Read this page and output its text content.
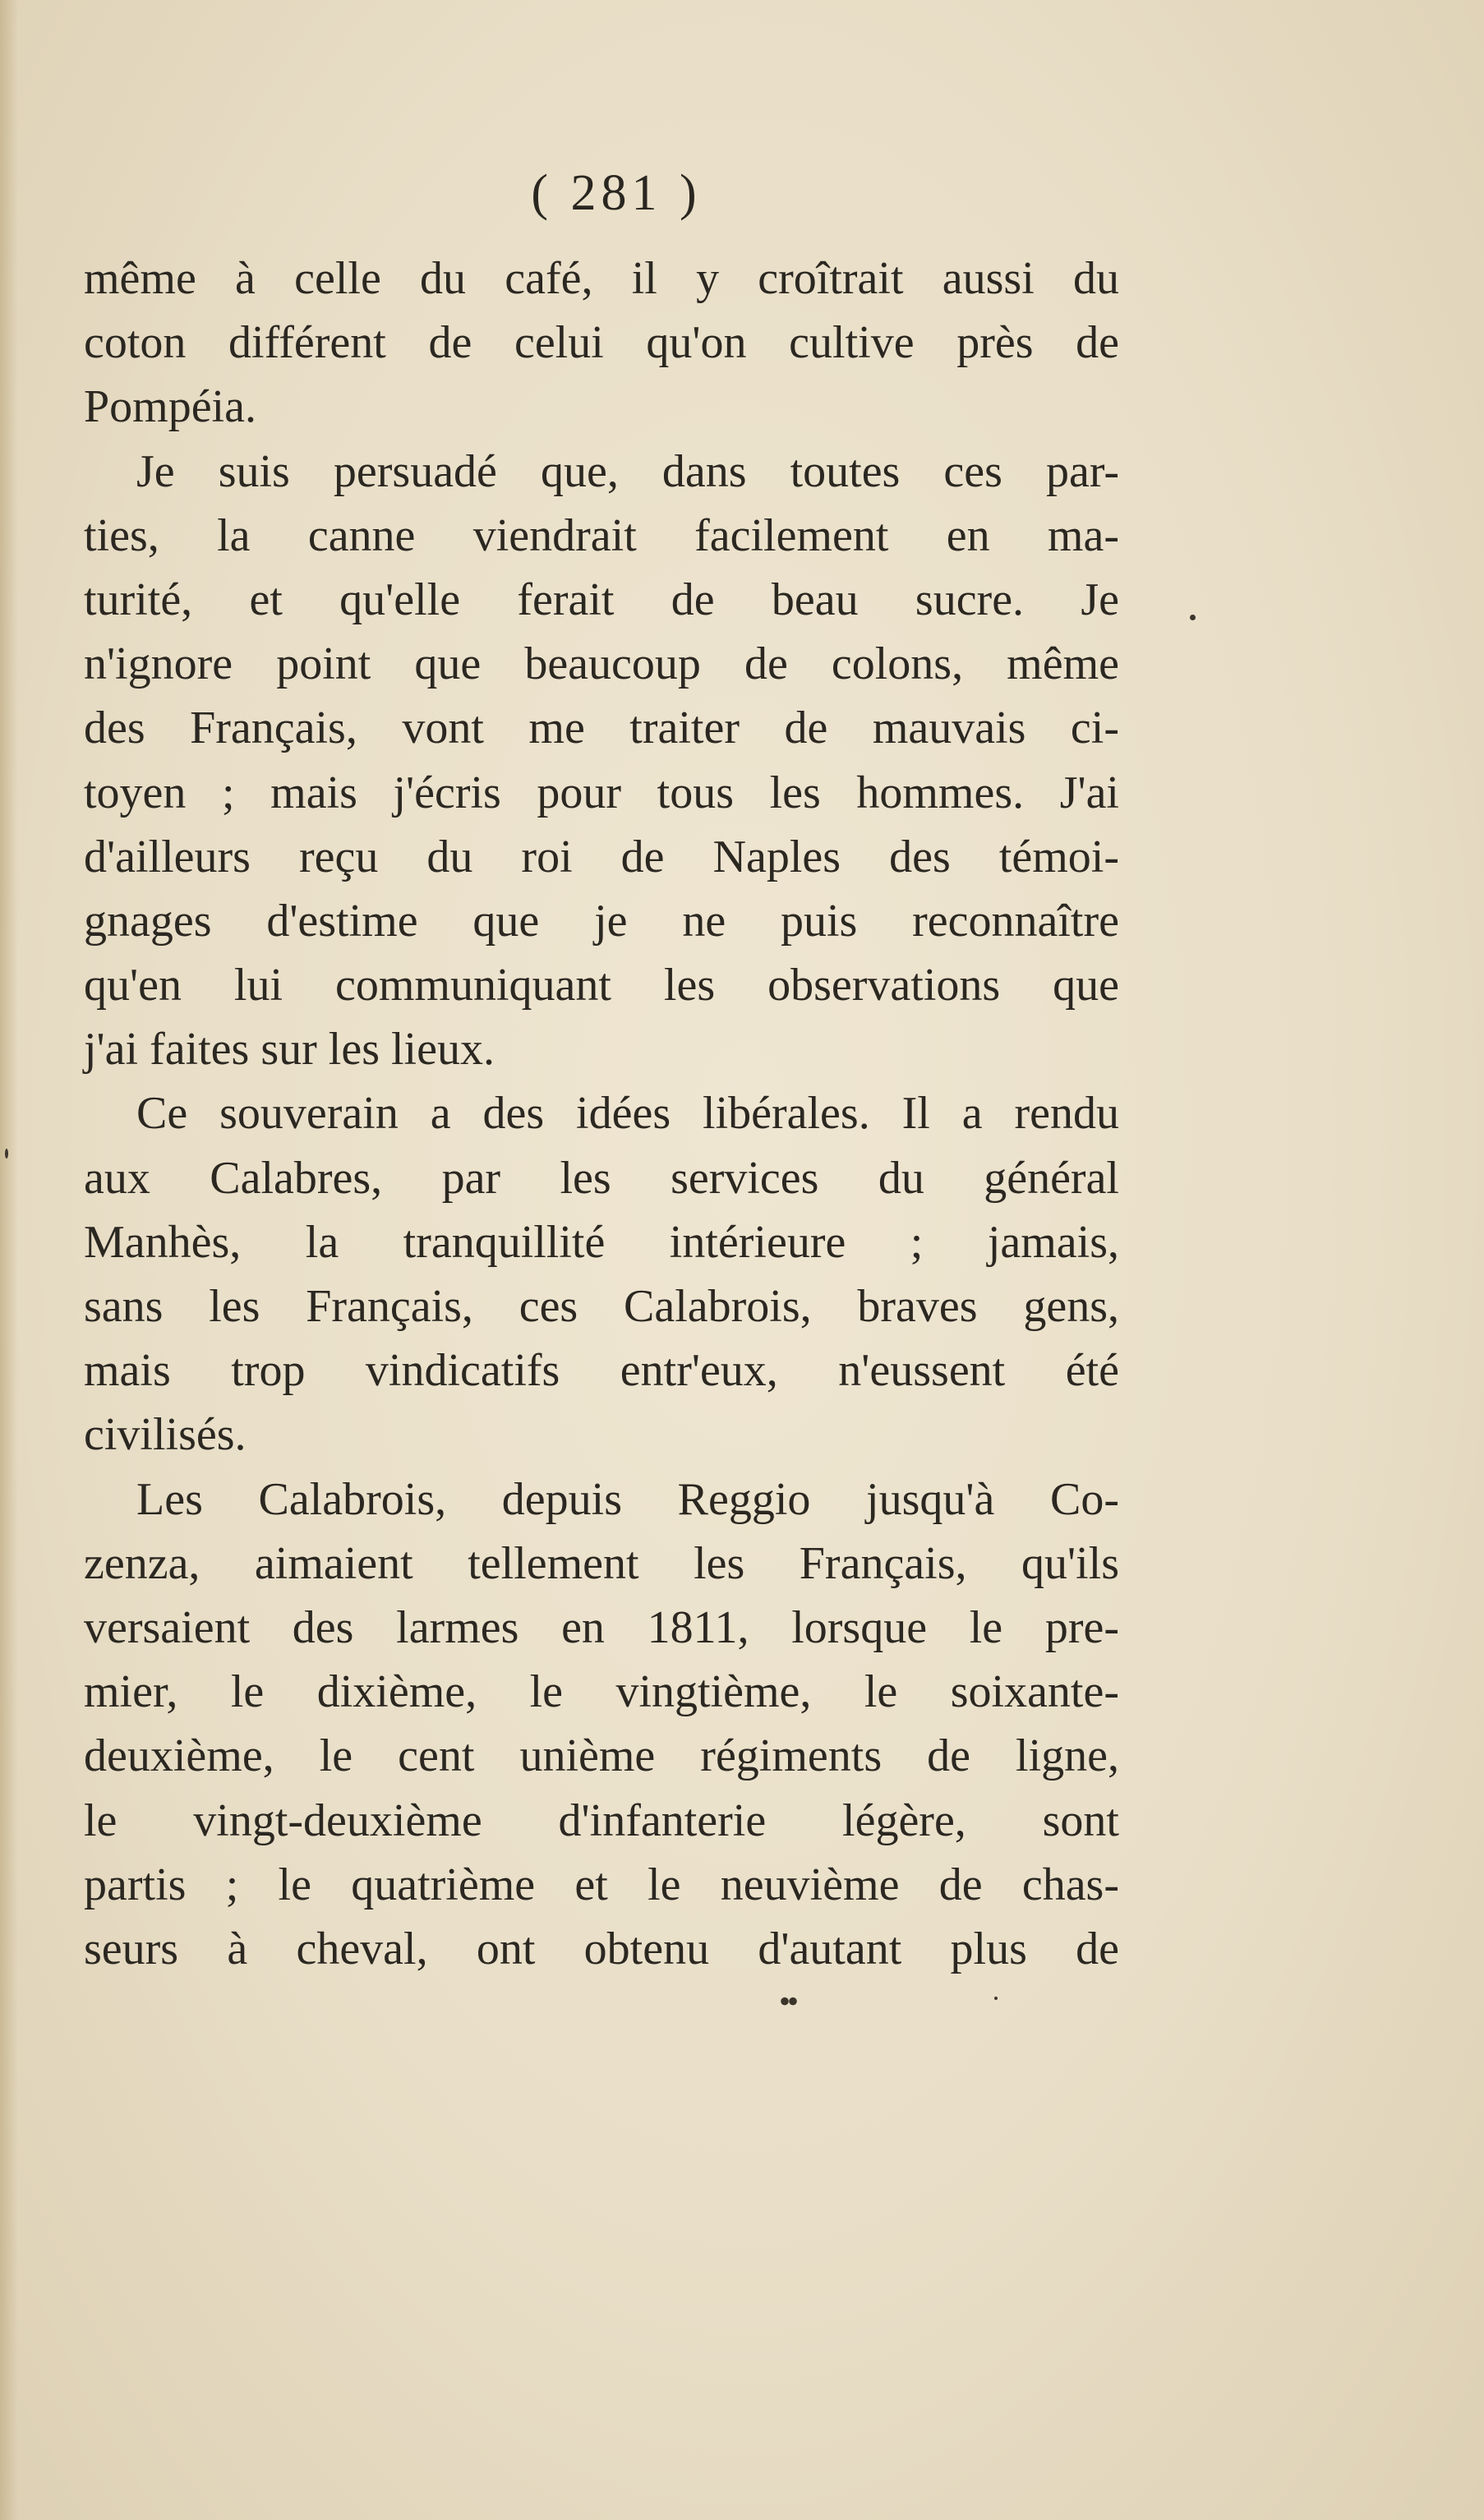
( 281 )
même à celle du café, il y croîtrait aussi du
coton différent de celui qu'on cultive près de
Pompéia.
Je suis persuadé que, dans toutes ces par-
ties, la canne viendrait facilement en ma-
turité, et qu'elle ferait de beau sucre. Je
n'ignore point que beaucoup de colons, même
des Français, vont me traiter de mauvais ci-
toyen ; mais j'écris pour tous les hommes. J'ai
d'ailleurs reçu du roi de Naples des témoi-
gnages d'estime que je ne puis reconnaître
qu'en lui communiquant les observations que
j'ai faites sur les lieux.
Ce souverain a des idées libérales. Il a rendu
aux Calabres, par les services du général
Manhès, la tranquillité intérieure ; jamais,
sans les Français, ces Calabrois, braves gens,
mais trop vindicatifs entr'eux, n'eussent été
civilisés.
Les Calabrois, depuis Reggio jusqu'à Co-
zenza, aimaient tellement les Français, qu'ils
versaient des larmes en 1811, lorsque le pre-
mier, le dixième, le vingtième, le soixante-
deuxième, le cent unième régiments de ligne,
le vingt-deuxième d'infanterie légère, sont
partis ; le quatrième et le neuvième de chas-
seurs à cheval, ont obtenu d'autant plus de
••
